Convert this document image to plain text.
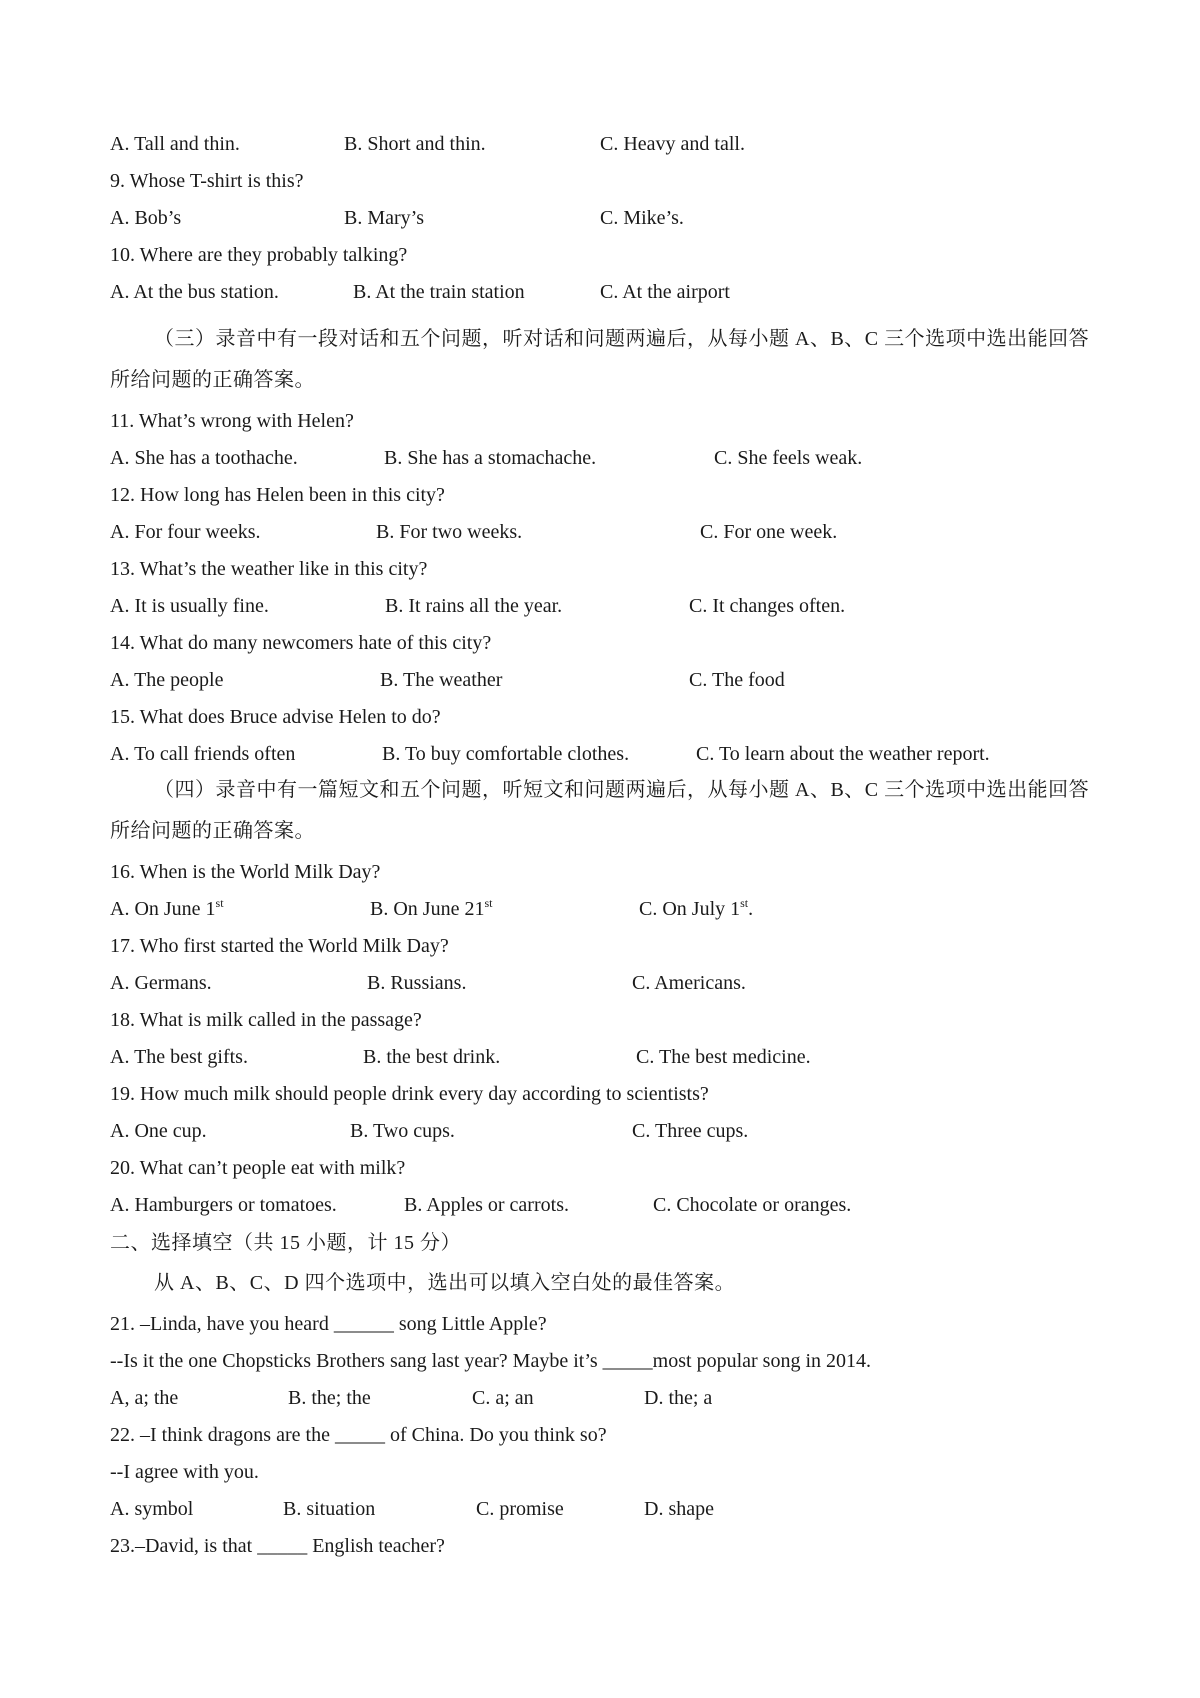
A. Tall and thin.	B. Short and thin.	C. Heavy and tall.
9. Whose T-shirt is this?
A. Bob’s	B. Mary’s	C. Mike’s.
10. Where are they probably talking?
A. At the bus station.	B. At the train station	C. At the airport
（三）录音中有一段对话和五个问题，听对话和问题两遍后，从每小题 A、B、C 三个选项中选出能回答所给问题的正确答案。
11. What’s wrong with Helen?
A. She has a toothache.	B. She has a stomachache.	C. She feels weak.
12. How long has Helen been in this city?
A. For four weeks.	B. For two weeks.	C. For one week.
13. What’s the weather like in this city?
A. It is usually fine.	B. It rains all the year.	C. It changes often.
14. What do many newcomers hate of this city?
A. The people	B. The weather	C. The food
15. What does Bruce advise Helen to do?
A. To call friends often	B. To buy comfortable clothes.	C. To learn about the weather report.
（四）录音中有一篇短文和五个问题，听短文和问题两遍后，从每小题 A、B、C 三个选项中选出能回答所给问题的正确答案。
16. When is the World Milk Day?
A. On June 1st	B. On June 21st	C. On July 1st.
17. Who first started the World Milk Day?
A. Germans.	B. Russians.	C. Americans.
18. What is milk called in the passage?
A. The best gifts.	B. the best drink.	C. The best medicine.
19. How much milk should people drink every day according to scientists?
A. One cup.	B. Two cups.	C. Three cups.
20. What can’t people eat with milk?
A. Hamburgers or tomatoes.	B. Apples or carrots.	C. Chocolate or oranges.
二、选择填空（共 15 小题，计 15 分）
从 A、B、C、D 四个选项中，选出可以填入空白处的最佳答案。
21. –Linda, have you heard ______ song Little Apple?
--Is it the one Chopsticks Brothers sang last year? Maybe it’s _____most popular song in 2014.
A, a; the	B. the; the	C. a; an	D. the; a
22. –I think dragons are the _____ of China. Do you think so?
--I agree with you.
A. symbol	B. situation	C. promise	D. shape
23.–David, is that _____ English teacher?
